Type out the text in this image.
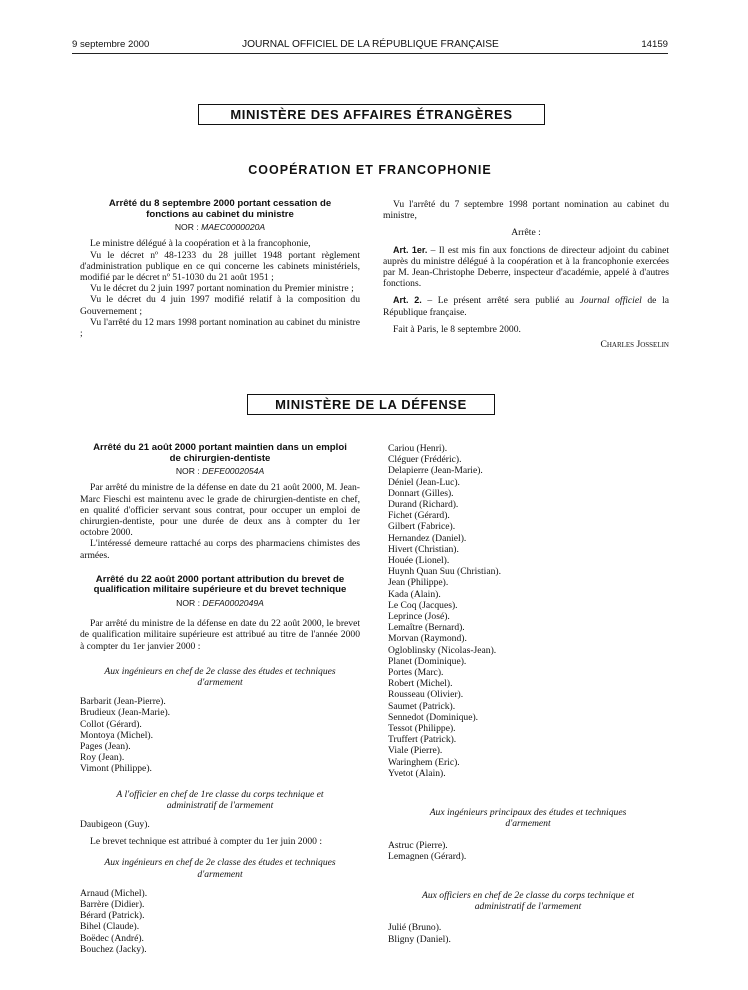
9 septembre 2000	JOURNAL OFFICIEL DE LA RÉPUBLIQUE FRANÇAISE	14159
MINISTÈRE DES AFFAIRES ÉTRANGÈRES
COOPÉRATION ET FRANCOPHONIE
Arrêté du 8 septembre 2000 portant cessation de fonctions au cabinet du ministre
NOR : MAEC0000020A

Le ministre délégué à la coopération et à la francophonie,

Vu le décret nº 48-1233 du 28 juillet 1948 portant règlement d'administration publique en ce qui concerne les cabinets ministériels, modifié par le décret nº 51-1030 du 21 août 1951 ;

Vu le décret du 2 juin 1997 portant nomination du Premier ministre ;

Vu le décret du 4 juin 1997 modifié relatif à la composition du Gouvernement ;

Vu l'arrêté du 12 mars 1998 portant nomination au cabinet du ministre ;

Vu l'arrêté du 7 septembre 1998 portant nomination au cabinet du ministre,

Arrête :

Art. 1er. – Il est mis fin aux fonctions de directeur adjoint du cabinet auprès du ministre délégué à la coopération et à la francophonie exercées par M. Jean-Christophe Deberre, inspecteur d'académie, appelé à d'autres fonctions.

Art. 2. – Le présent arrêté sera publié au Journal officiel de la République française.

Fait à Paris, le 8 septembre 2000.

Charles Josselin
MINISTÈRE DE LA DÉFENSE
Arrêté du 21 août 2000 portant maintien dans un emploi de chirurgien-dentiste
NOR : DEFE0002054A

Par arrêté du ministre de la défense en date du 21 août 2000, M. Jean-Marc Fieschi est maintenu avec le grade de chirurgien-dentiste en chef, en qualité d'officier servant sous contrat, pour occuper un emploi de chirurgien-dentiste, pour une durée de deux ans à compter du 1er octobre 2000.

L'intéressé demeure rattaché au corps des pharmaciens chimistes des armées.

Arrêté du 22 août 2000 portant attribution du brevet de qualification militaire supérieure et du brevet technique
NOR : DEFA0002049A

Par arrêté du ministre de la défense en date du 22 août 2000, le brevet de qualification militaire supérieure est attribué au titre de l'année 2000 à compter du 1er janvier 2000 :

Aux ingénieurs en chef de 2e classe des études et techniques d'armement
Barbarit (Jean-Pierre).
Brudieux (Jean-Marie).
Collot (Gérard).
Montoya (Michel).
Pages (Jean).
Roy (Jean).
Vimont (Philippe).
A l'officier en chef de 1re classe du corps technique et administratif de l'armement
Daubigeon (Guy).

Le brevet technique est attribué à compter du 1er juin 2000 :

Aux ingénieurs en chef de 2e classe des études et techniques d'armement
Arnaud (Michel).
Barrère (Didier).
Bérard (Patrick).
Bihel (Claude).
Boëdec (André).
Bouchez (Jacky).
Cariou (Henri).
Cléguer (Frédéric).
Delapierre (Jean-Marie).
Déniel (Jean-Luc).
Donnart (Gilles).
Durand (Richard).
Fichet (Gérard).
Gilbert (Fabrice).
Hernandez (Daniel).
Hivert (Christian).
Houée (Lionel).
Huynh Quan Suu (Christian).
Jean (Philippe).
Kada (Alain).
Le Coq (Jacques).
Leprince (José).
Lemaître (Bernard).
Morvan (Raymond).
Ogloblinsky (Nicolas-Jean).
Planet (Dominique).
Portes (Marc).
Robert (Michel).
Rousseau (Olivier).
Saumet (Patrick).
Sennedot (Dominique).
Tessot (Philippe).
Truffert (Patrick).
Viale (Pierre).
Waringhem (Eric).
Yvetot (Alain).
Aux ingénieurs principaux des études et techniques d'armement
Astruc (Pierre).
Lemagnen (Gérard).
Aux officiers en chef de 2e classe du corps technique et administratif de l'armement
Julié (Bruno).
Bligny (Daniel).
